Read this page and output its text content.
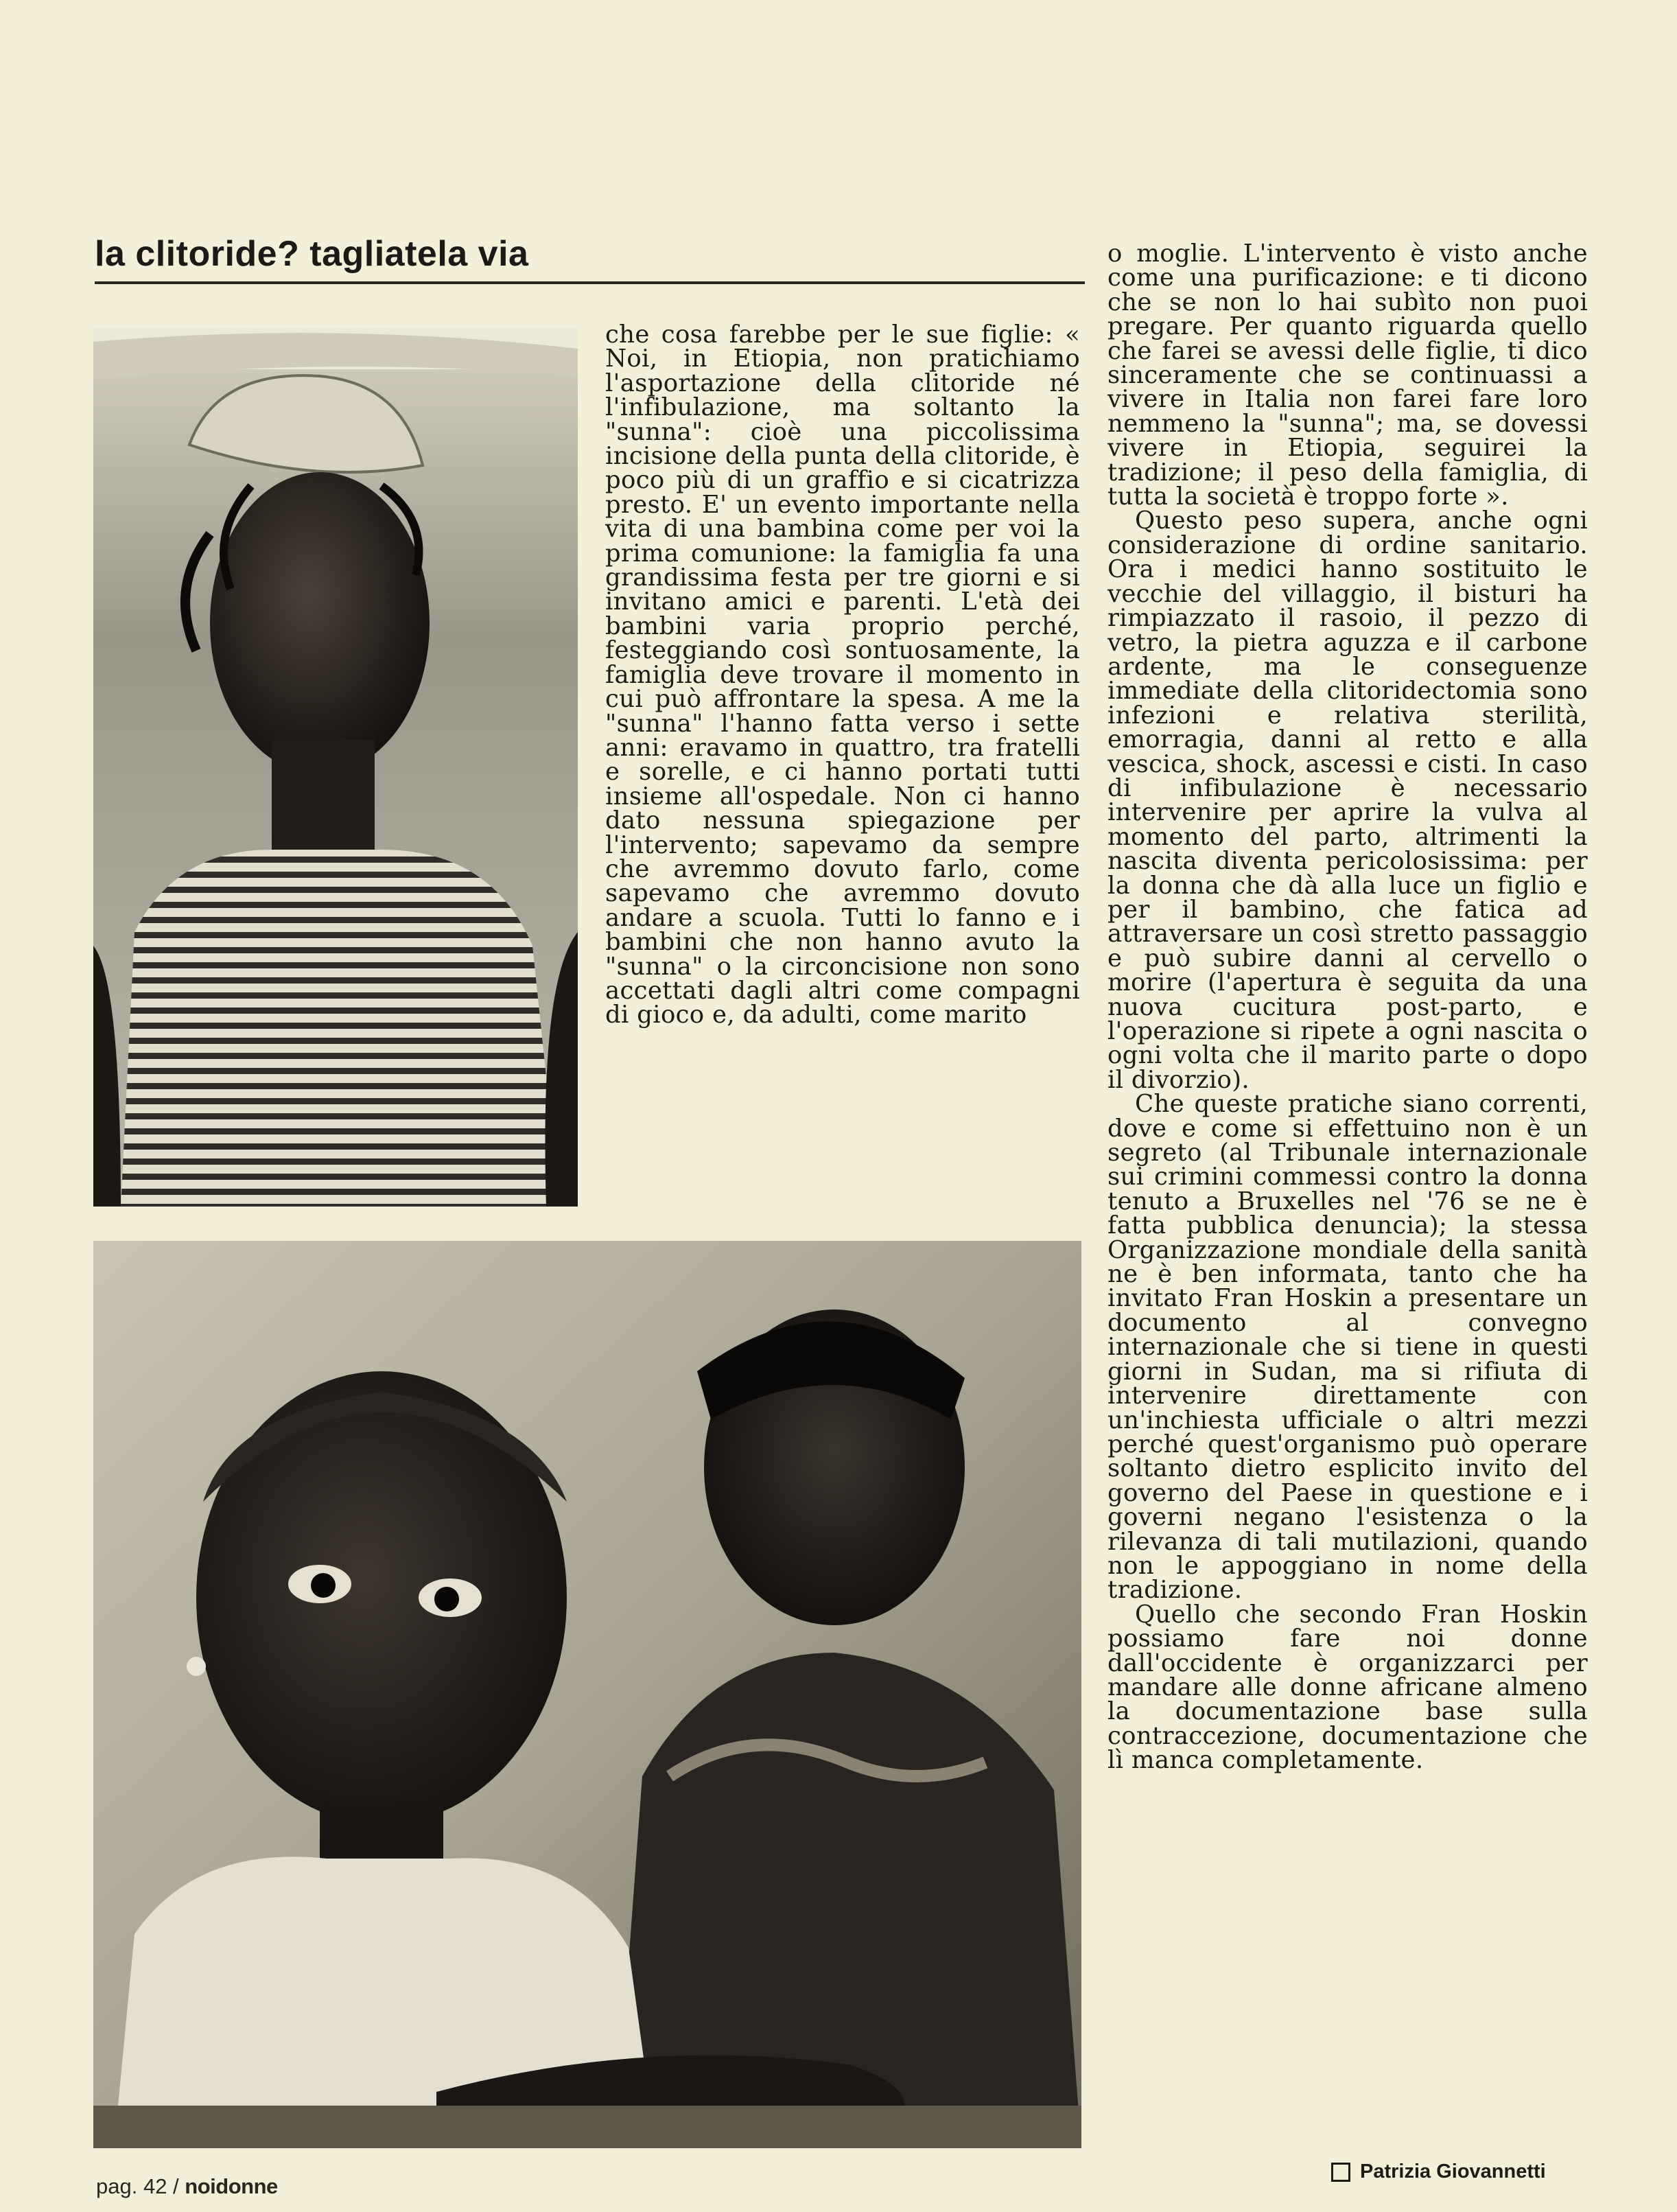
la clitoride? tagliatela via

che cosa farebbe per le sue figlie: « Noi, in Etiopia, non pratichiamo l'asportazione della clitoride né l'infibulazione, ma soltanto la "sunna": cioè una piccolissima incisione della punta della clitoride, è poco più di un graffio e si cicatrizza presto. E' un evento importante nella vita di una bambina come per voi la prima comunione: la famiglia fa una grandissima festa per tre giorni e si invitano amici e parenti. L'età dei bambini varia proprio perché, festeggiando così sontuosamente, la famiglia deve trovare il momento in cui può affrontare la spesa. A me la "sunna" l'hanno fatta verso i sette anni: eravamo in quattro, tra fratelli e sorelle, e ci hanno portati tutti insieme all'ospedale. Non ci hanno dato nessuna spiegazione per l'intervento; sapevamo da sempre che avremmo dovuto farlo, come sapevamo che avremmo dovuto andare a scuola. Tutti lo fanno e i bambini che non hanno avuto la "sunna" o la circoncisione non sono accettati dagli altri come compagni di gioco e, da adulti, come marito

o moglie. L'intervento è visto anche come una purificazione: e ti dicono che se non lo hai subìto non puoi pregare. Per quanto riguarda quello che farei se avessi delle figlie, ti dico sinceramente che se continuassi a vivere in Italia non farei fare loro nemmeno la "sunna"; ma, se dovessi vivere in Etiopia, seguirei la tradizione; il peso della famiglia, di tutta la società è troppo forte ».

Questo peso supera, anche ogni considerazione di ordine sanitario. Ora i medici hanno sostituito le vecchie del villaggio, il bisturi ha rimpiazzato il rasoio, il pezzo di vetro, la pietra aguzza e il carbone ardente, ma le conseguenze immediate della clitoridectomia sono infezioni e relativa sterilità, emorragia, danni al retto e alla vescica, shock, ascessi e cisti. In caso di infibulazione è necessario intervenire per aprire la vulva al momento del parto, altrimenti la nascita diventa pericolosissima: per la donna che dà alla luce un figlio e per il bambino, che fatica ad attraversare un così stretto passaggio e può subire danni al cervello o morire (l'apertura è seguita da una nuova cucitura post-parto, e l'operazione si ripete a ogni nascita o ogni volta che il marito parte o dopo il divorzio).

Che queste pratiche siano correnti, dove e come si effettuino non è un segreto (al Tribunale internazionale sui crimini commessi contro la donna tenuto a Bruxelles nel '76 se ne è fatta pubblica denuncia); la stessa Organizzazione mondiale della sanità ne è ben informata, tanto che ha invitato Fran Hoskin a presentare un documento al convegno internazionale che si tiene in questi giorni in Sudan, ma si rifiuta di intervenire direttamente con un'inchiesta ufficiale o altri mezzi perché quest'organismo può operare soltanto dietro esplicito invito del governo del Paese in questione e i governi negano l'esistenza o la rilevanza di tali mutilazioni, quando non le appoggiano in nome della tradizione.

Quello che secondo Fran Hoskin possiamo fare noi donne dall'occidente è organizzarci per mandare alle donne africane almeno la documentazione base sulla contraccezione, documentazione che lì manca completamente.

Patrizia Giovannetti
pag. 42 / noidonne
